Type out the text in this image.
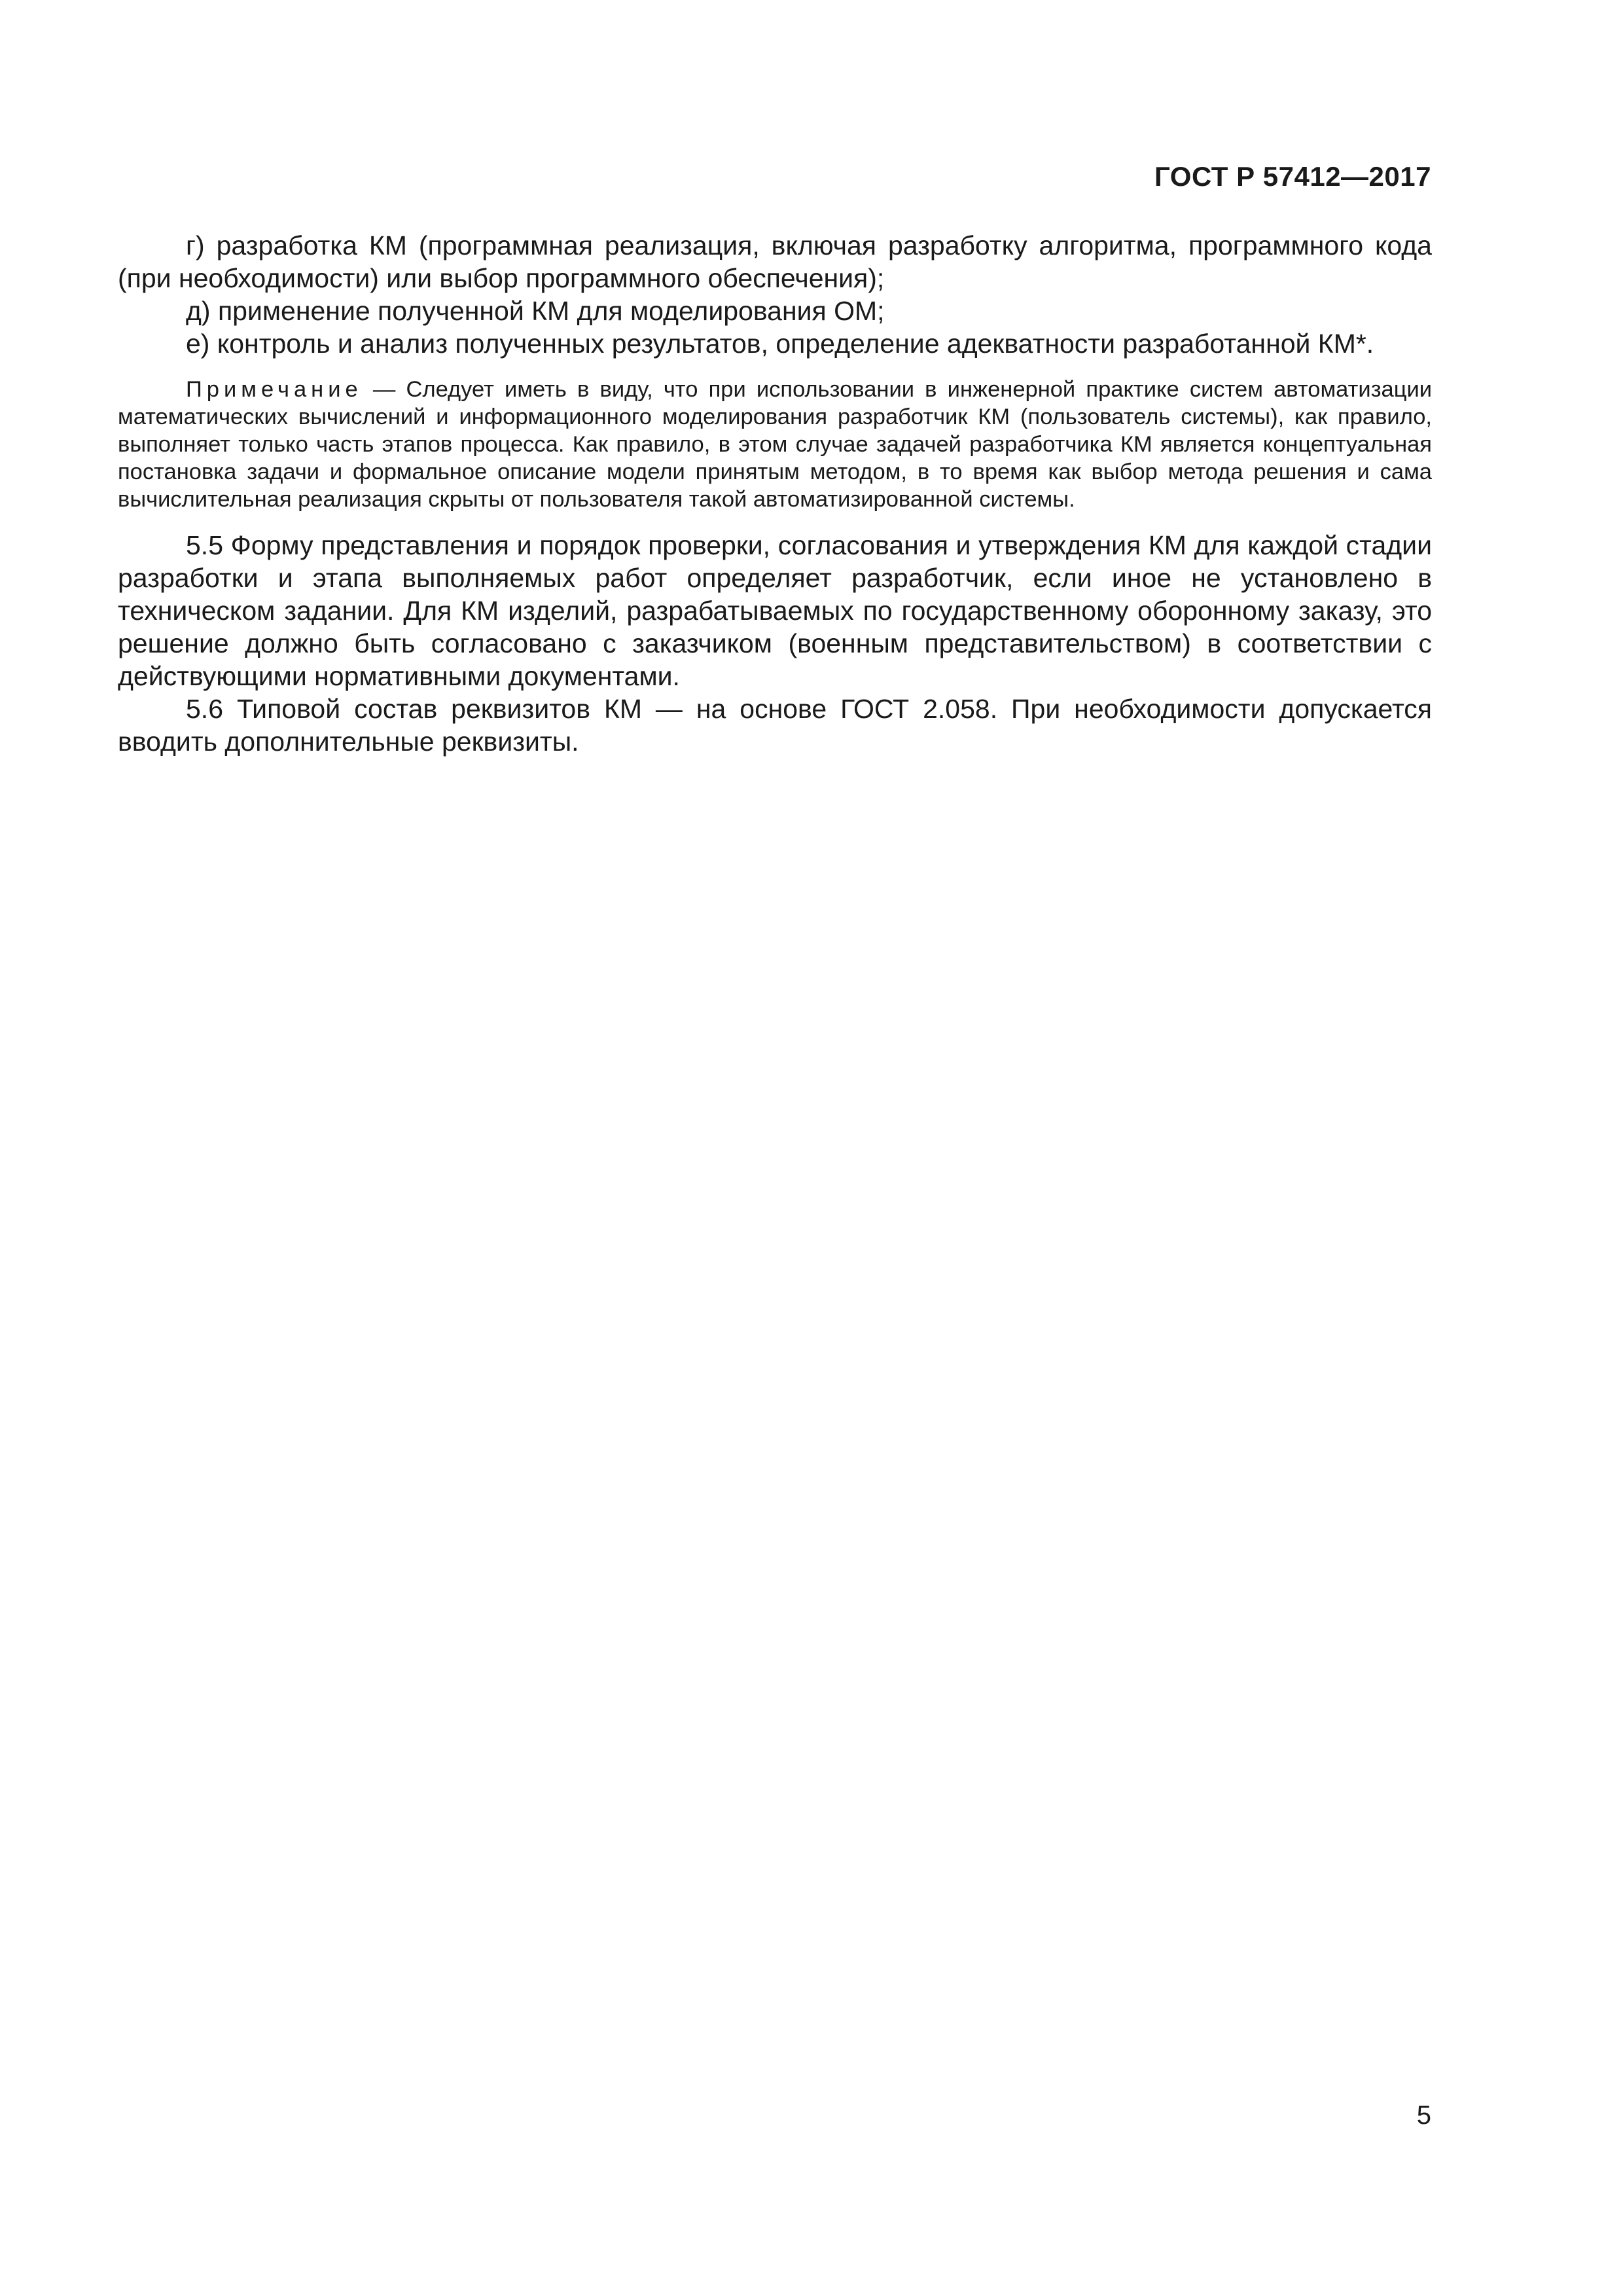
ГОСТ Р 57412—2017

г) разработка КМ (программная реализация, включая разработку алгоритма, программного кода (при необходимости) или выбор программного обеспечения);

д) применение полученной КМ для моделирования ОМ;

е) контроль и анализ полученных результатов, определение адекватности разработанной КМ*.

Примечание — Следует иметь в виду, что при использовании в инженерной практике систем автоматизации математических вычислений и информационного моделирования разработчик КМ (пользователь системы), как правило, выполняет только часть этапов процесса. Как правило, в этом случае задачей разработчика КМ является концептуальная постановка задачи и формальное описание модели принятым методом, в то время как выбор метода решения и сама вычислительная реализация скрыты от пользователя такой автоматизированной системы.

5.5 Форму представления и порядок проверки, согласования и утверждения КМ для каждой стадии разработки и этапа выполняемых работ определяет разработчик, если иное не установлено в техническом задании. Для КМ изделий, разрабатываемых по государственному оборонному заказу, это решение должно быть согласовано с заказчиком (военным представительством) в соответствии с действующими нормативными документами.

5.6 Типовой состав реквизитов КМ — на основе ГОСТ 2.058. При необходимости допускается вводить дополнительные реквизиты.

5
